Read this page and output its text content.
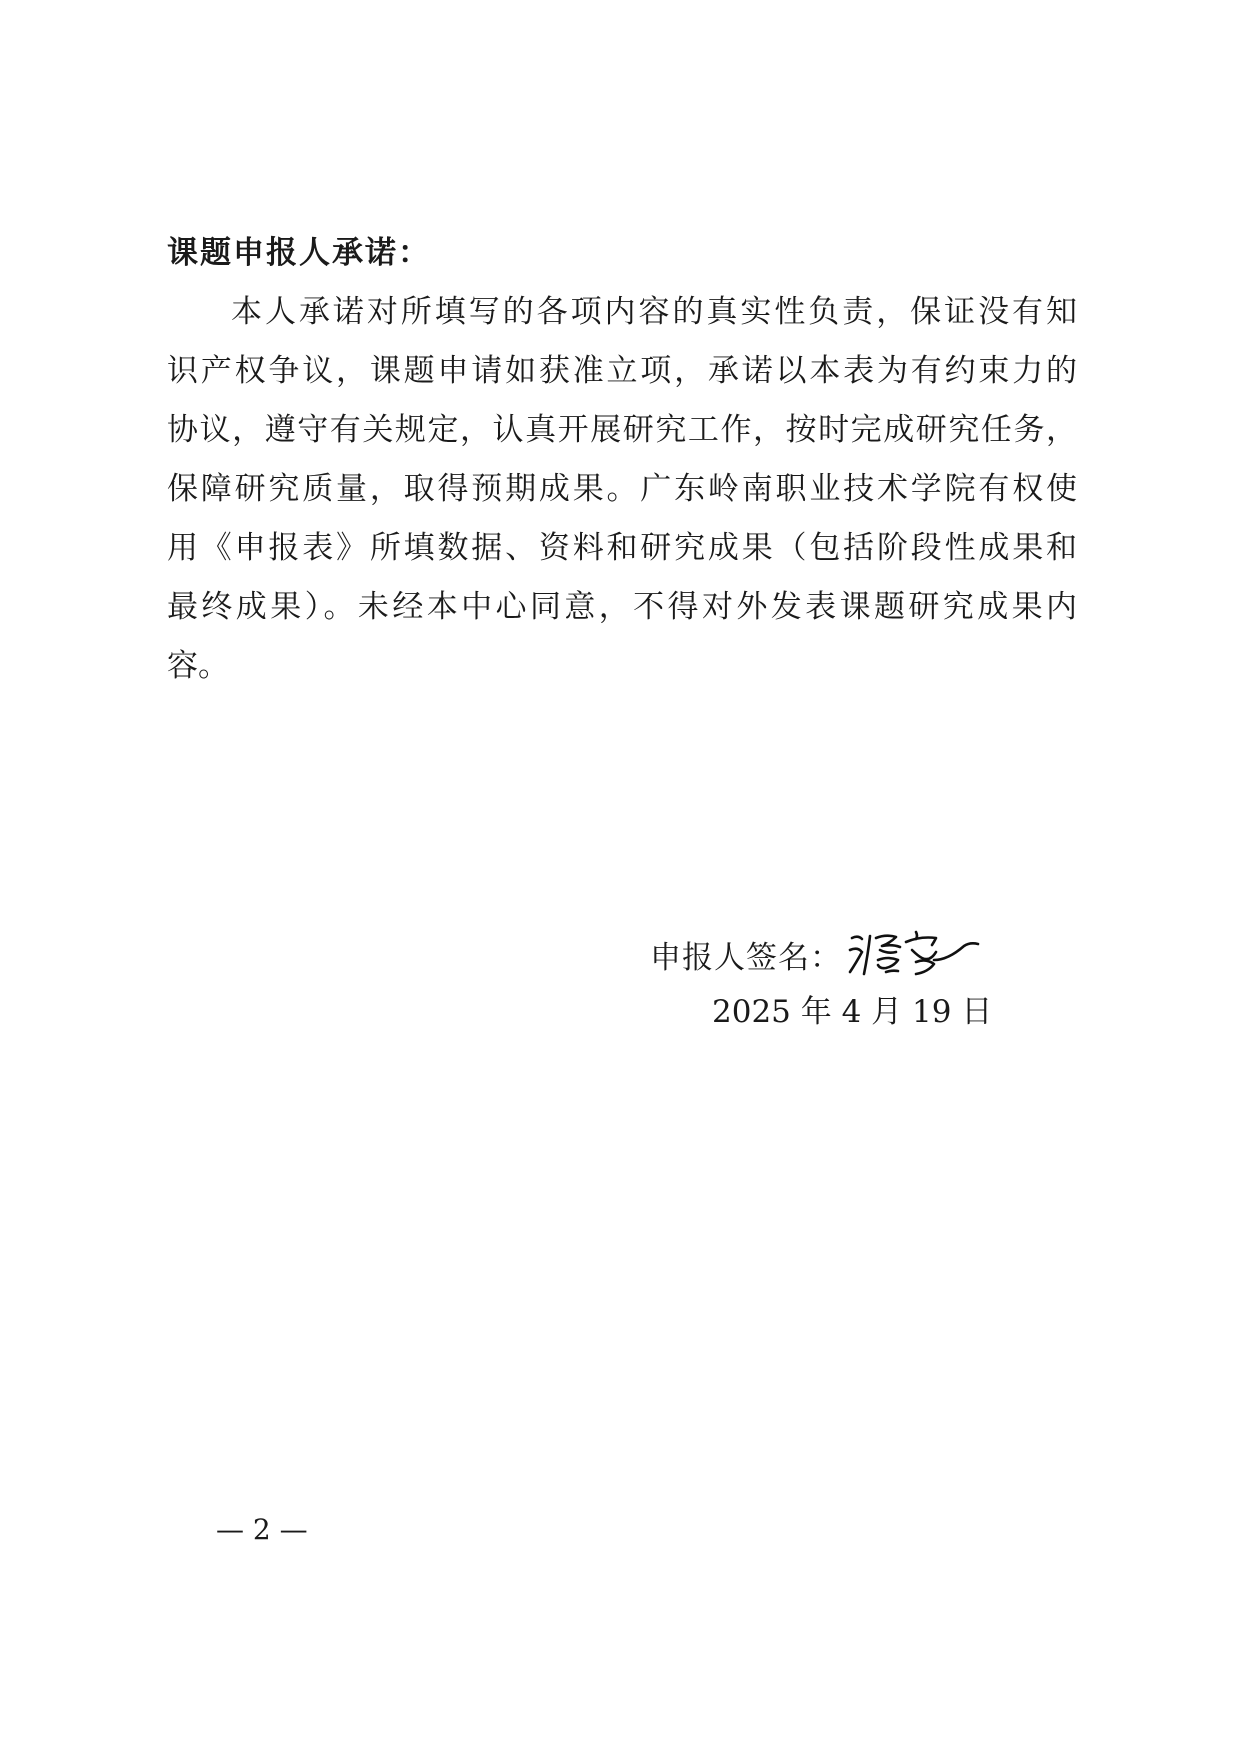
课题申报人承诺：
本人承诺对所填写的各项内容的真实性负责，保证没有知
识产权争议，课题申请如获准立项，承诺以本表为有约束力的
协议，遵守有关规定，认真开展研究工作，按时完成研究任务，
保障研究质量，取得预期成果。广东岭南职业技术学院有权使
用《申报表》所填数据、资料和研究成果（包括阶段性成果和
最终成果）。未经本中心同意，不得对外发表课题研究成果内
容。
申报人签名：
2025 年 4 月 19 日
— 2 —
